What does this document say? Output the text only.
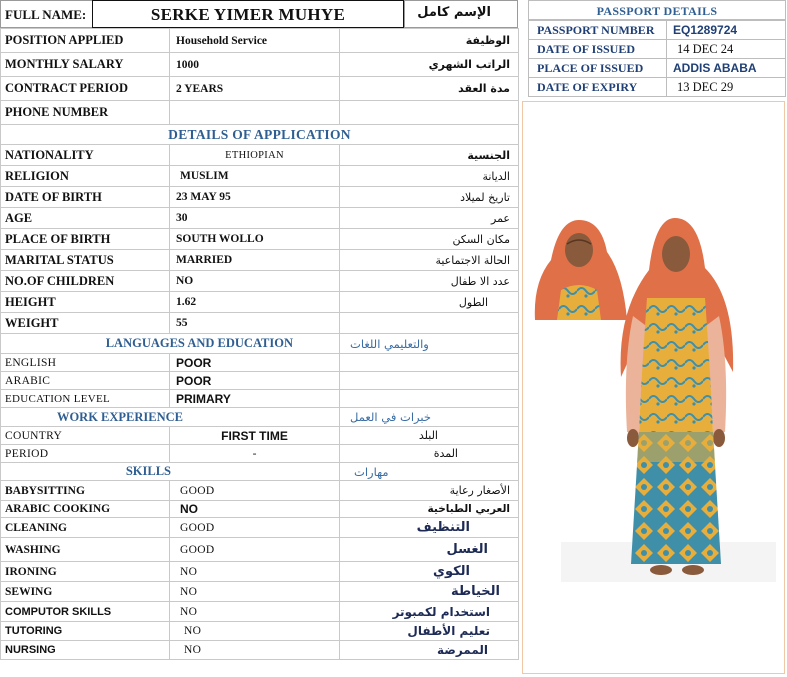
FULL NAME:	SERKE YIMER MUHYE	الإسم كامل
POSITION APPLIED	Household Service	الوظيفة
MONTHLY SALARY	1000	الراتب الشهري
CONTRACT PERIOD	2 YEARS	مدة العقد
PHONE NUMBER		
DETAILS OF APPLICATION		
NATIONALITY	ETHIOPIAN	الجنسية
RELIGION	MUSLIM	الديانة
DATE OF BIRTH	23 MAY 95	تاريخ لميلاد
AGE	30	عمر
PLACE OF BIRTH	SOUTH WOLLO	مكان السكن
MARITAL STATUS	MARRIED	الحالة الاجتماعية
NO.OF CHILDREN	NO	عدد الا طفال
HEIGHT	1.62	الطول
WEIGHT	55	
LANGUAGES AND EDUCATION		والتعليمي اللغات
ENGLISH	POOR	
ARABIC	POOR	
EDUCATION LEVEL	PRIMARY	
WORK EXPERIENCE		خبرات في العمل
COUNTRY	FIRST TIME	البلد
PERIOD	-	المدة
SKILLS		مهارات
BABYSITTING	GOOD	الأصغار رعاية
ARABIC COOKING	NO	العربي الطباخية
CLEANING	GOOD	التنظيف
WASHING	GOOD	الغسل
IRONING	NO	الكوي
SEWING	NO	الخياطة
COMPUTOR SKILLS	NO	استخدام لكمبوتر
TUTORING	NO	تعليم الأطفال
NURSING	NO	الممرضة
PASSPORT DETAILS
PASSPORT NUMBER	EQ1289724
DATE OF ISSUED	14 DEC 24
PLACE OF ISSUED	ADDIS ABABA
DATE OF EXPIRY	13 DEC 29
